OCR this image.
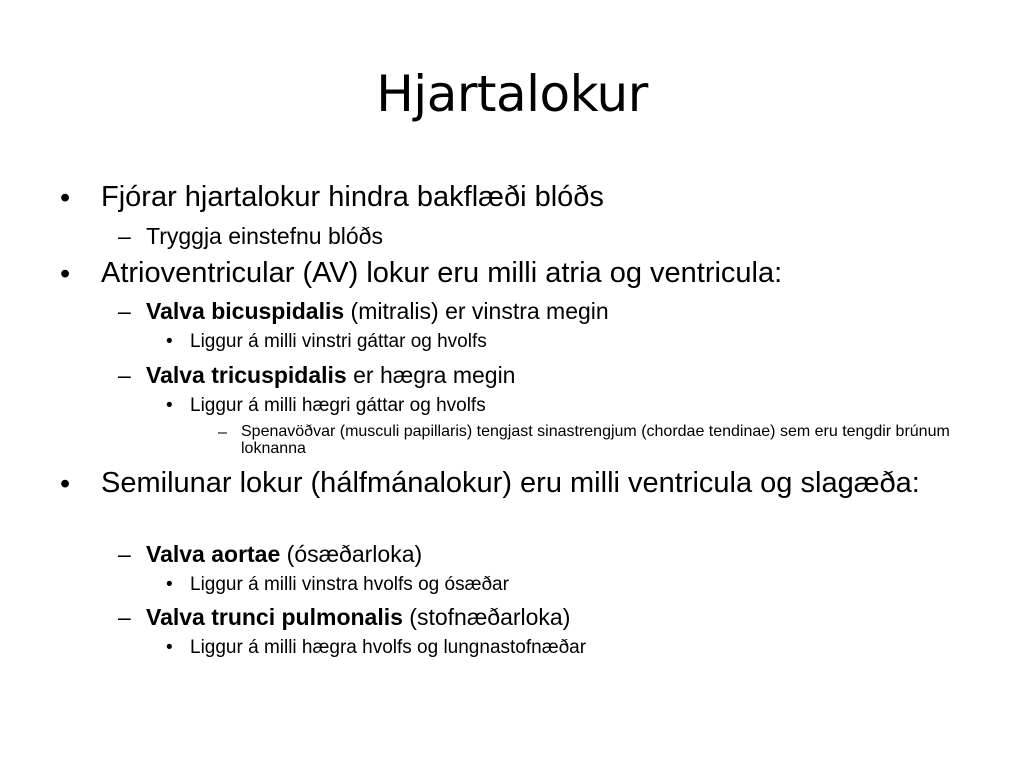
Hjartalokur
• Fjórar hjartalokur hindra bakflæði blóðs
– Tryggja einstefnu blóðs
• Atrioventricular (AV) lokur eru milli atria og ventricula:
– Valva bicuspidalis (mitralis) er vinstra megin
• Liggur á milli vinstri gáttar og hvolfs
– Valva tricuspidalis er hægra megin
• Liggur á milli hægri gáttar og hvolfs
– Spenavöðvar (musculi papillaris) tengjast sinastrengjum (chordae tendinae) sem eru tengdir brúnum loknanna
• Semilunar lokur (hálfmánalokur) eru milli ventricula og slagæða:
– Valva aortae (ósæðarloka)
• Liggur á milli vinstra hvolfs og ósæðar
– Valva trunci pulmonalis (stofnæðarloka)
• Liggur á milli hægra hvolfs og lungnastofnæðar
